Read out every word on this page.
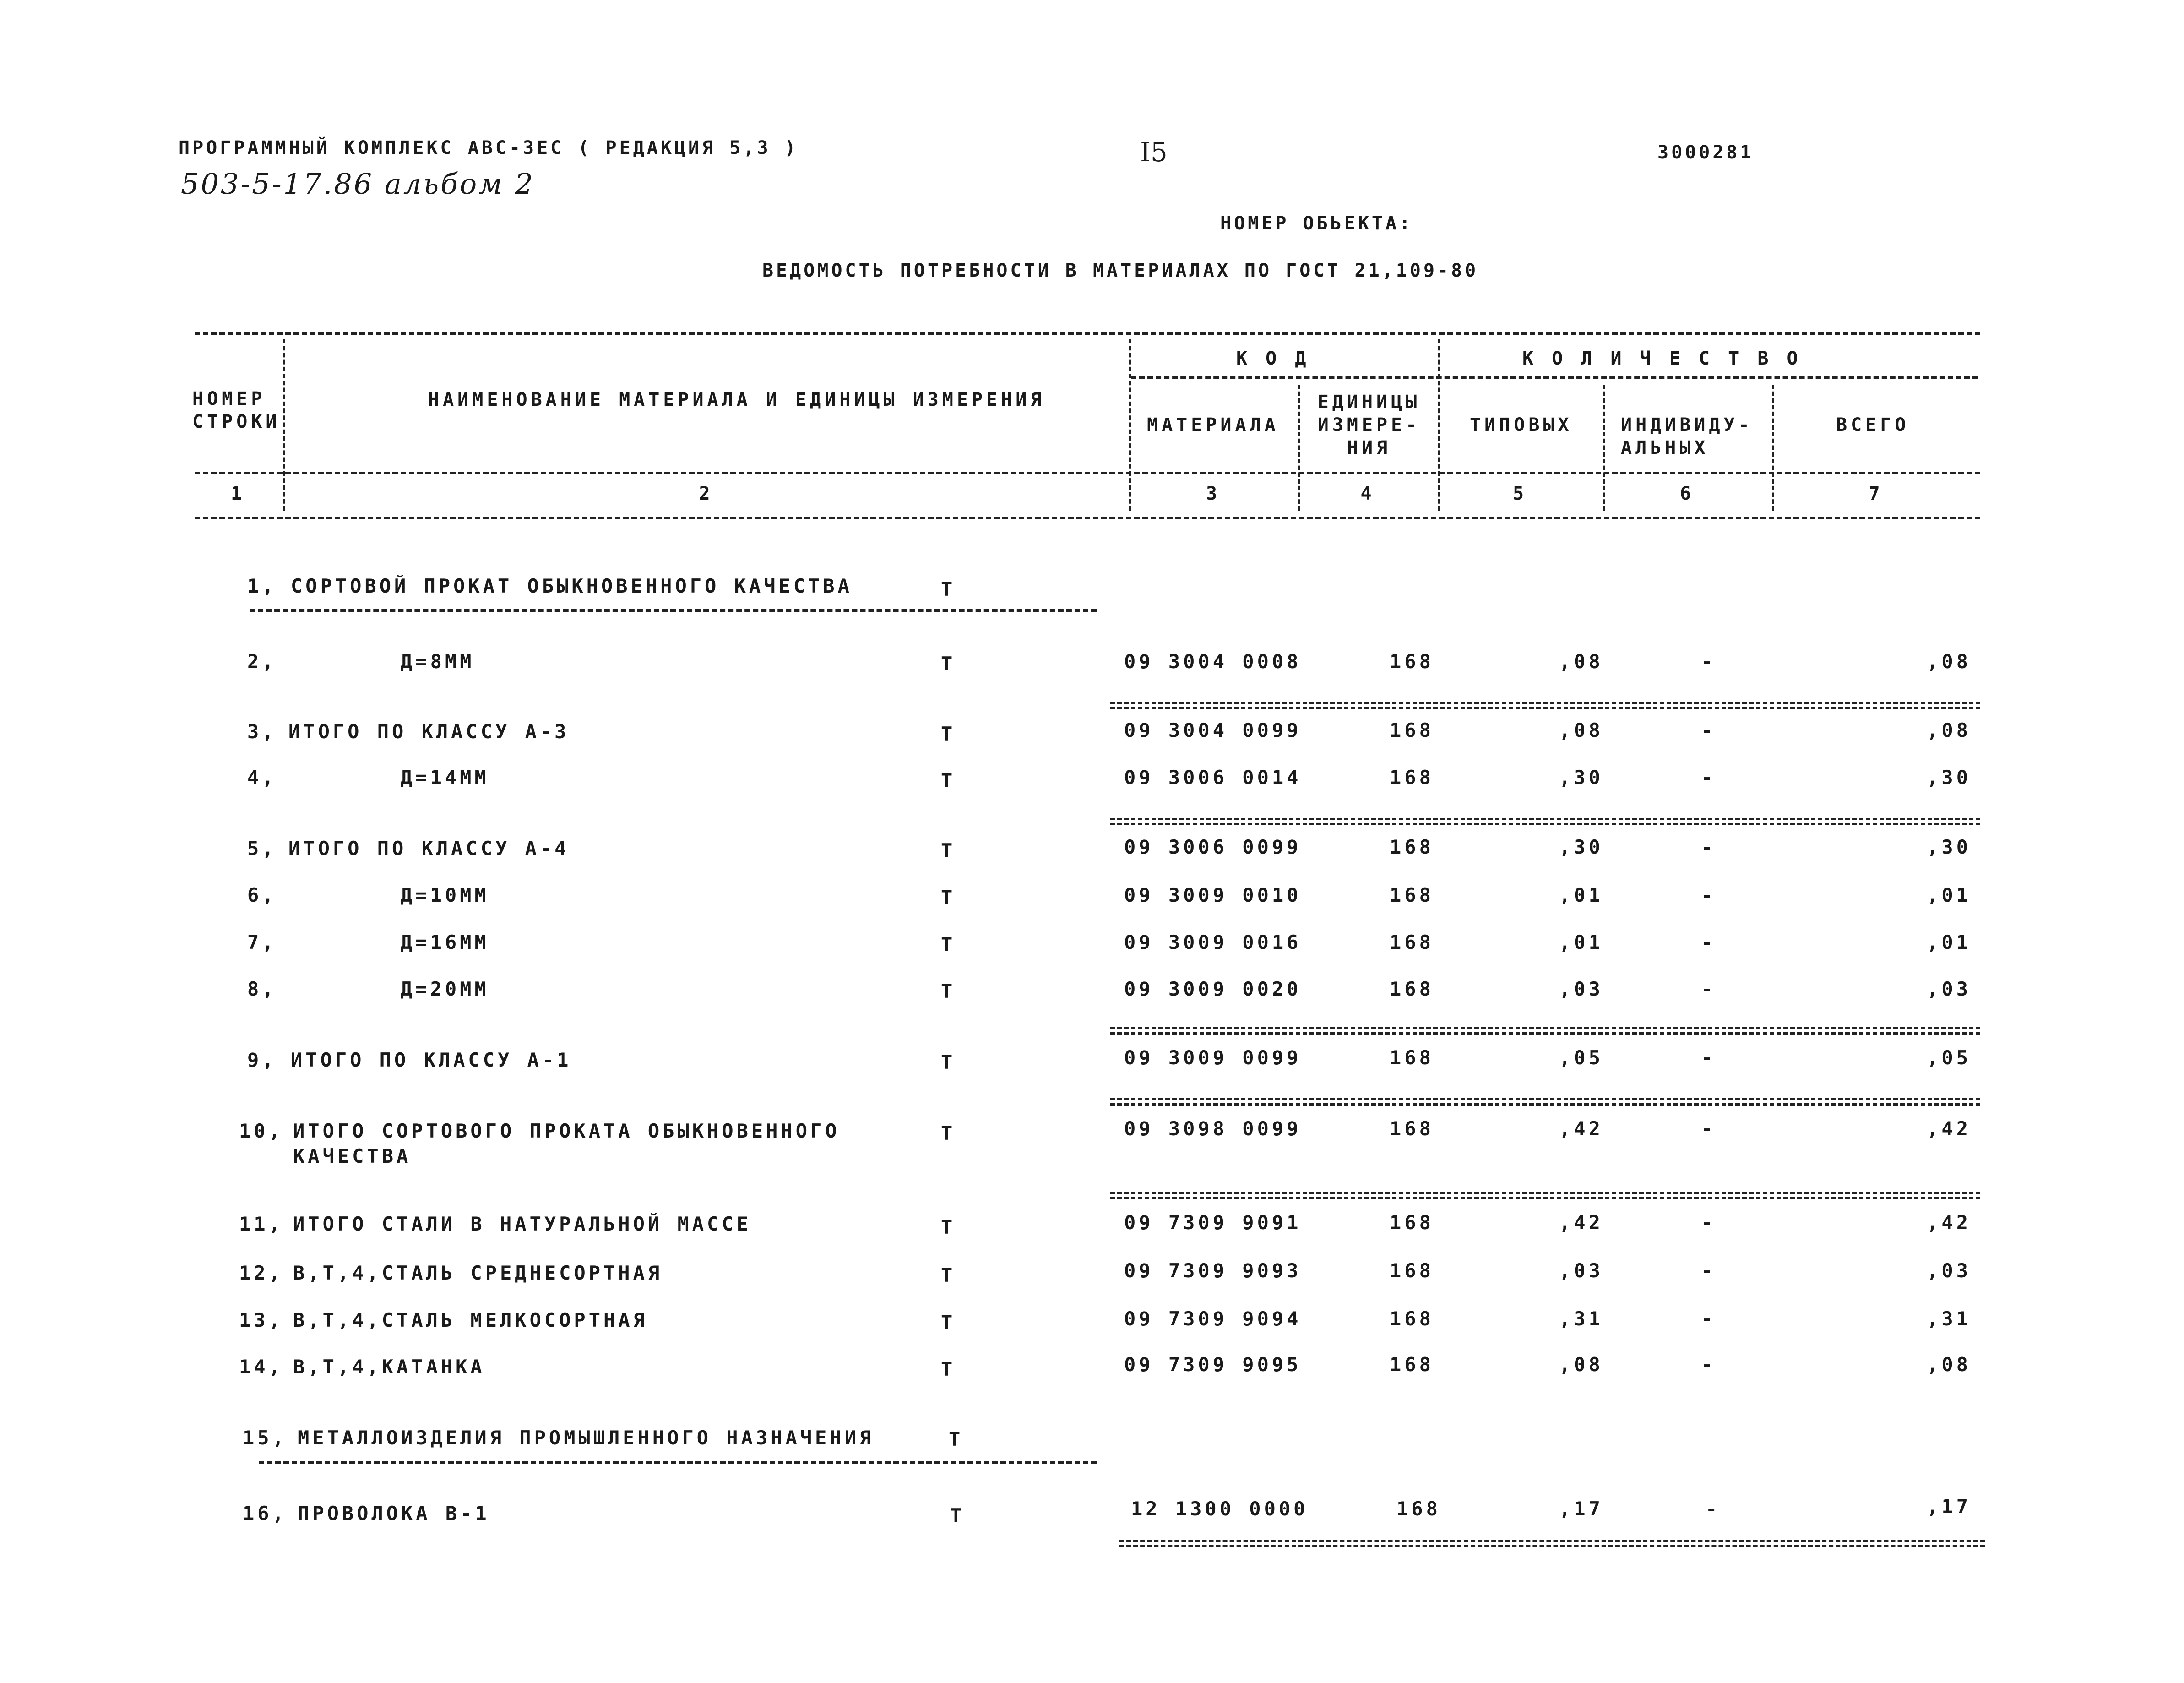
ПРОГРАММНЫЙ КОМПЛЕКС АВС-3ЕС ( РЕДАКЦИЯ 5,3 )
503-5-17.86 альбом 2
I5	3000281
НОМЕР ОБЬЕКТА:
ВЕДОМОСТЬ ПОТРЕБНОСТИ В МАТЕРИАЛАХ ПО ГОСТ 21,109-80
НОМЕР
СТРОКИ
НАИМЕНОВАНИЕ МАТЕРИАЛА И ЕДИНИЦЫ ИЗМЕРЕНИЯ
К О Д	К О Л И Ч Е С Т В О
МАТЕРИАЛА
ЕДИНИЦЫ
ИЗМЕРЕ-
НИЯ
ТИПОВЫХ	ИНДИВИДУ-
АЛЬНЫХ
ВСЕГО
1	2	3	4	5	6	7
1, СОРТОВОЙ ПРОКАТ ОБЫКНОВЕННОГО КАЧЕСТВА	Т
2,	Д=8ММ	Т	09 3004 0008	168	,08	-	,08
3, ИТОГО ПО КЛАССУ А-3	Т	09 3004 0099	168	,08	-	,08
4,	Д=14ММ	Т	09 3006 0014	168	,30	-	,30
5, ИТОГО ПО КЛАССУ А-4	Т	09 3006 0099	168	,30	-	,30
6,	Д=10ММ	Т	09 3009 0010	168	,01	-	,01
7,	Д=16ММ	Т	09 3009 0016	168	,01	-	,01
8,	Д=20ММ	Т	09 3009 0020	168	,03	-	,03
9, ИТОГО ПО КЛАССУ А-1	Т	09 3009 0099	168	,05	-	,05
10, ИТОГО СОРТОВОГО ПРОКАТА ОБЫКНОВЕННОГО
КАЧЕСТВА
Т	09 3098 0099	168	,42	-	,42
11, ИТОГО СТАЛИ В НАТУРАЛЬНОЙ МАССЕ	Т	09 7309 9091	168	,42	-	,42
12, В,Т,4,СТАЛЬ СРЕДНЕСОРТНАЯ	Т	09 7309 9093	168	,03	-	,03
13, В,Т,4,СТАЛЬ МЕЛКОСОРТНАЯ	Т	09 7309 9094	168	,31	-	,31
14, В,Т,4,КАТАНКА	Т	09 7309 9095	168	,08	-	,08
15, МЕТАЛЛОИЗДЕЛИЯ ПРОМЫШЛЕННОГО НАЗНАЧЕНИЯ	Т
16, ПРОВОЛОКА В-1	Т	12 1300 0000	168	,17	-	,17
